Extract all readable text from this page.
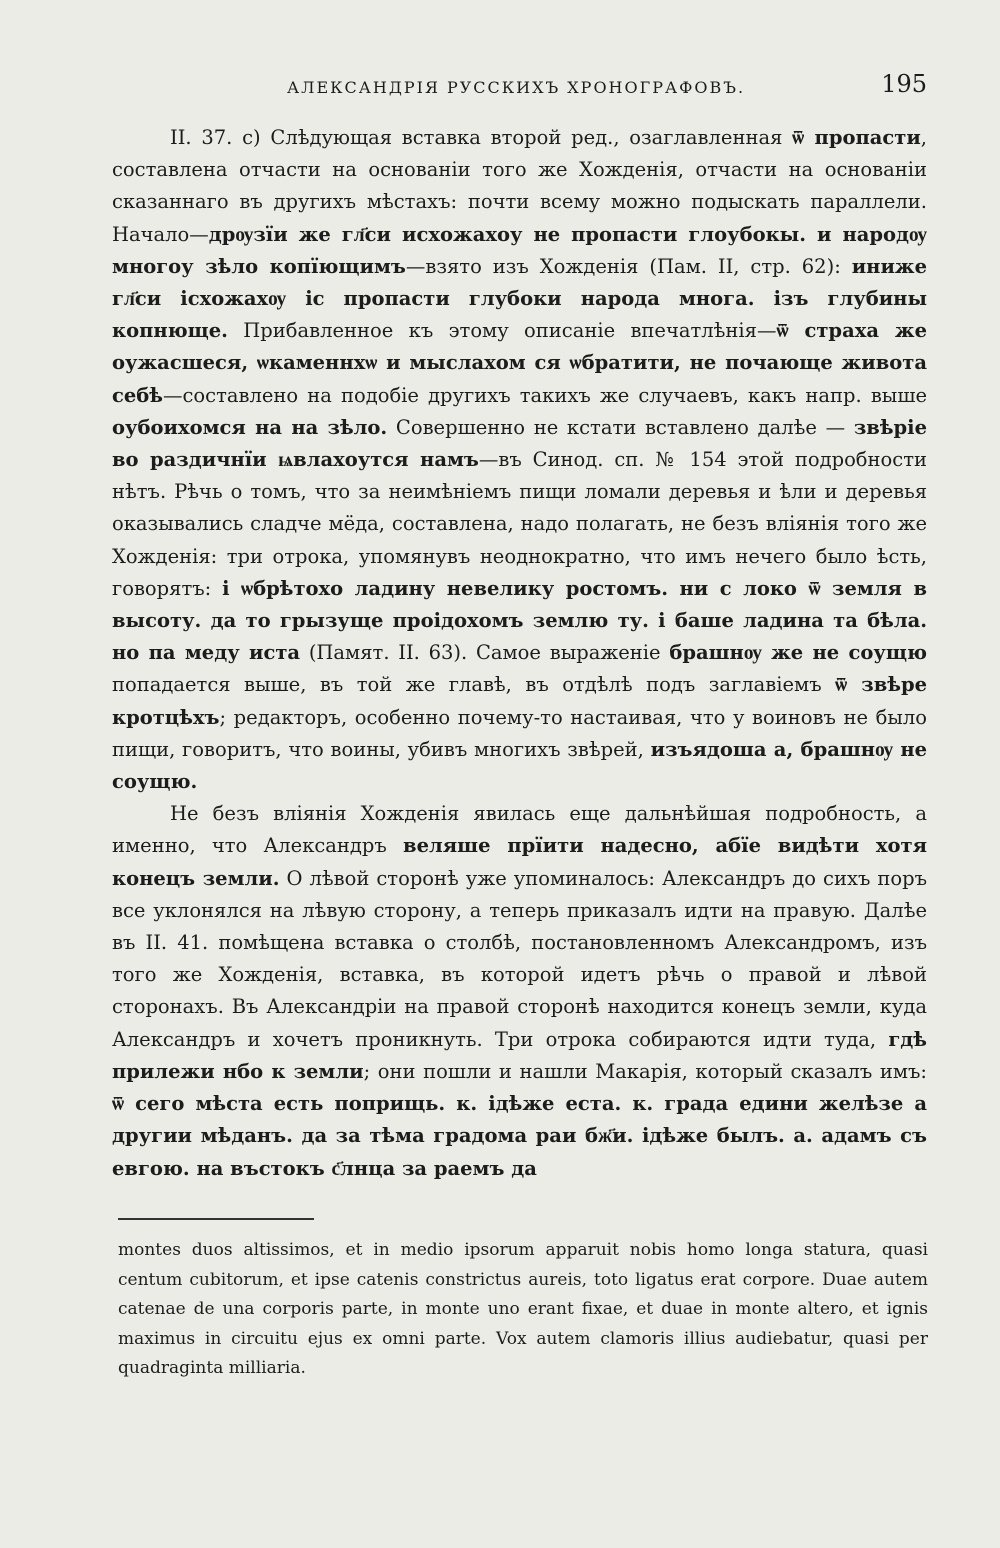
АЛЕКСАНДРІЯ РУССКИХЪ ХРОНОГРАФОВЪ.	195

II. 37. c) Слѣдующая вставка второй ред., озаглавленная ѿ пропасти, составлена отчасти на основаніи того же Хожденія, отчасти на основаніи сказаннаго въ другихъ мѣстахъ: почти всему можно подыскать параллели. Начало—дрѹзїи же гл҃си исхожахоу не пропасти глоубокы. и народѹ многоу зѣло копїющимъ—взято изъ Хожденія (Пам. II, стр. 62): иниже гл҃си ісхожахѹ іс пропасти глубоки народа многа. ізъ глубины копнюще. Прибавленное къ этому описаніе впечатлѣнія—ѿ страха же оужасшеся, ѡкаменнхѡ и мыслахом ся ѡбратити, не почающе живота себѣ—составлено на подобіе другихъ такихъ же случаевъ, какъ напр. выше оубоихомся на на зѣло. Совершенно не кстати вставлено далѣе — звѣріе во раздичнїи ѩвлахоутся намъ—въ Синод. сп. № 154 этой подробности нѣтъ. Рѣчь о томъ, что за неимѣніемъ пищи ломали деревья и ѣли и деревья оказывались сладче мёда, составлена, надо полагать, не безъ вліянія того же Хожденія: три отрока, упомянувъ неоднократно, что имъ нечего было ѣсть, говорятъ: і ѡбрѣтохо ладину невелику ростомъ. ни с локо ѿ земля в высоту. да то грызуще проідохомъ землю ту. і баше ладина та бѣла. но па меду иста (Памят. II. 63). Самое выраженіе брашнѹ же не соущю попадается выше, въ той же главѣ, въ отдѣлѣ подъ заглавіемъ ѿ звѣре кротцѣхъ; редакторъ, особенно почему-то настаивая, что у воиновъ не было пищи, говоритъ, что воины, убивъ многихъ звѣрей, изъядоша а, брашнѹ не соущю.

Не безъ вліянія Хожденія явилась еще дальнѣйшая подробность, а именно, что Александръ веляше прїити надесно, абїе видѣти хотя конецъ земли. О лѣвой сторонѣ уже упоминалось: Александръ до сихъ поръ все уклонялся на лѣвую сторону, а теперь приказалъ идти на правую. Далѣе въ II. 41. помѣщена вставка о столбѣ, постановленномъ Александромъ, изъ того же Хожденія, вставка, въ которой идетъ рѣчь о правой и лѣвой сторонахъ. Въ Александріи на правой сторонѣ находится конецъ земли, куда Александръ и хочетъ проникнуть. Три отрока собираются идти туда, гдѣ прилежи нбо к земли; они пошли и нашли Макарія, который сказалъ имъ: ѿ сего мѣста есть поприщь. к. ідѣже еста. к. града едини желѣзе а другии мѣданъ. да за тѣма градома раи бж҃и. ідѣже былъ. а. адамъ съ евгою. на въстокъ с҃лнца за раемъ да

montes duos altissimos, et in medio ipsorum apparuit nobis homo longa statura, quasi centum cubitorum, et ipse catenis constrictus aureis, toto ligatus erat corpore. Duae autem catenae de una corporis parte, in monte uno erant fixae, et duae in monte altero, et ignis maximus in circuitu ejus ex omni parte. Vox autem clamoris illius audiebatur, quasi per quadraginta milliaria.
